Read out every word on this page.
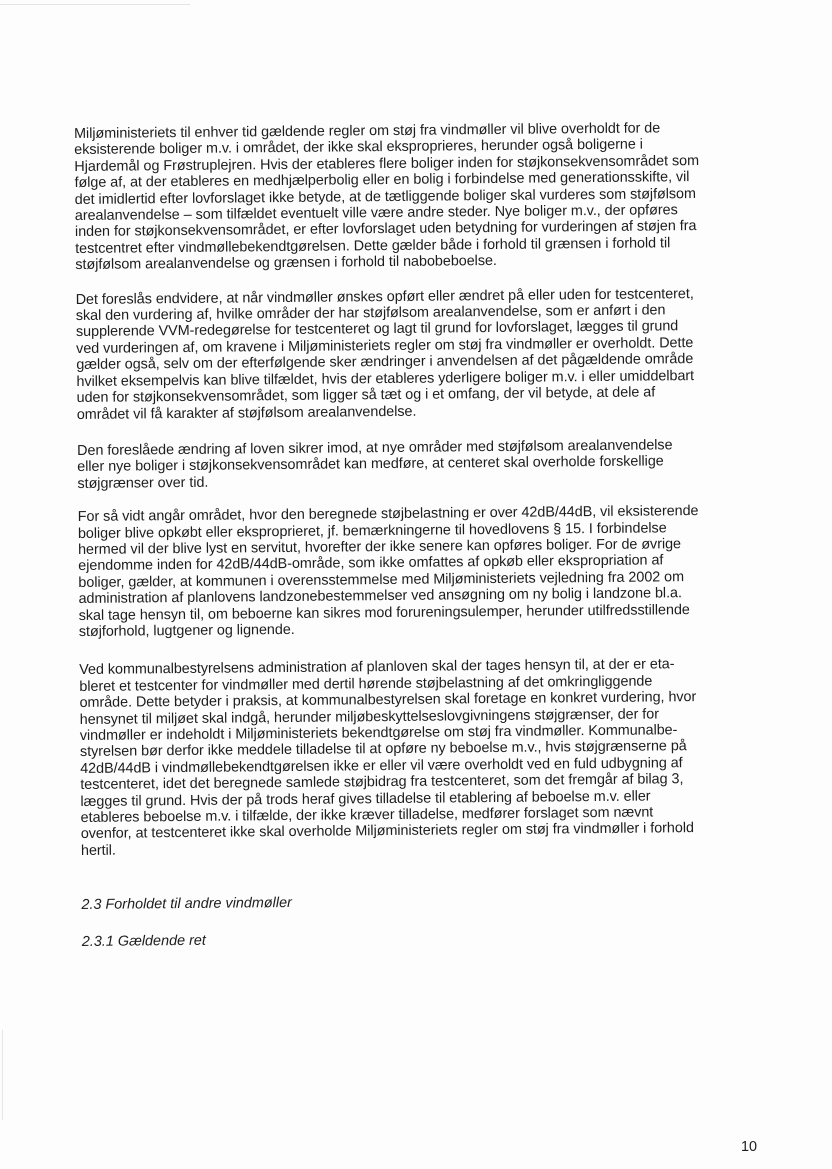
Miljøministeriets til enhver tid gældende regler om støj fra vindmøller vil blive overholdt for de
eksisterende boliger m.v. i området, der ikke skal eksproprieres, herunder også boligerne i
Hjardemål og Frøstruplejren. Hvis der etableres flere boliger inden for støjkonsekvensområdet som
følge af, at der etableres en medhjælperbolig eller en bolig i forbindelse med generationsskifte, vil
det imidlertid efter lovforslaget ikke betyde, at de tætliggende boliger skal vurderes som støjfølsom
arealanvendelse – som tilfældet eventuelt ville være andre steder. Nye boliger m.v., der opføres
inden for støjkonsekvensområdet, er efter lovforslaget uden betydning for vurderingen af støjen fra
testcentret efter vindmøllebekendtgørelsen. Dette gælder både i forhold til grænsen i forhold til
støjfølsom arealanvendelse og grænsen i forhold til nabobeboelse.

Det foreslås endvidere, at når vindmøller ønskes opført eller ændret på eller uden for testcenteret,
skal den vurdering af, hvilke områder der har støjfølsom arealanvendelse, som er anført i den
supplerende VVM-redegørelse for testcenteret og lagt til grund for lovforslaget, lægges til grund
ved vurderingen af, om kravene i Miljøministeriets regler om støj fra vindmøller er overholdt. Dette
gælder også, selv om der efterfølgende sker ændringer i anvendelsen af det pågældende område
hvilket eksempelvis kan blive tilfældet, hvis der etableres yderligere boliger m.v. i eller umiddelbart
uden for støjkonsekvensområdet, som ligger så tæt og i et omfang, der vil betyde, at dele af
området vil få karakter af støjfølsom arealanvendelse.

Den foreslåede ændring af loven sikrer imod, at nye områder med støjfølsom arealanvendelse
eller nye boliger i støjkonsekvensområdet kan medføre, at centeret skal overholde forskellige
støjgrænser over tid.

For så vidt angår området, hvor den beregnede støjbelastning er over 42dB/44dB, vil eksisterende
boliger blive opkøbt eller eksproprieret, jf. bemærkningerne til hovedlovens § 15. I forbindelse
hermed vil der blive lyst en servitut, hvorefter der ikke senere kan opføres boliger. For de øvrige
ejendomme inden for 42dB/44dB-område, som ikke omfattes af opkøb eller ekspropriation af
boliger, gælder, at kommunen i overensstemmelse med Miljøministeriets vejledning fra 2002 om
administration af planlovens landzonebestemmelser ved ansøgning om ny bolig i landzone bl.a.
skal tage hensyn til, om beboerne kan sikres mod forureningsulemper, herunder utilfredsstillende
støjforhold, lugtgener og lignende.

Ved kommunalbestyrelsens administration af planloven skal der tages hensyn til, at der er eta-
bleret et testcenter for vindmøller med dertil hørende støjbelastning af det omkringliggende
område. Dette betyder i praksis, at kommunalbestyrelsen skal foretage en konkret vurdering, hvor
hensynet til miljøet skal indgå, herunder miljøbeskyttelseslovgivningens støjgrænser, der for
vindmøller er indeholdt i Miljøministeriets bekendtgørelse om støj fra vindmøller. Kommunalbe-
styrelsen bør derfor ikke meddele tilladelse til at opføre ny beboelse m.v., hvis støjgrænserne på
42dB/44dB i vindmøllebekendtgørelsen ikke er eller vil være overholdt ved en fuld udbygning af
testcenteret, idet det beregnede samlede støjbidrag fra testcenteret, som det fremgår af bilag 3,
lægges til grund. Hvis der på trods heraf gives tilladelse til etablering af beboelse m.v. eller
etableres beboelse m.v. i tilfælde, der ikke kræver tilladelse, medfører forslaget som nævnt
ovenfor, at testcenteret ikke skal overholde Miljøministeriets regler om støj fra vindmøller i forhold
hertil.

2.3 Forholdet til andre vindmøller

2.3.1 Gældende ret

10
